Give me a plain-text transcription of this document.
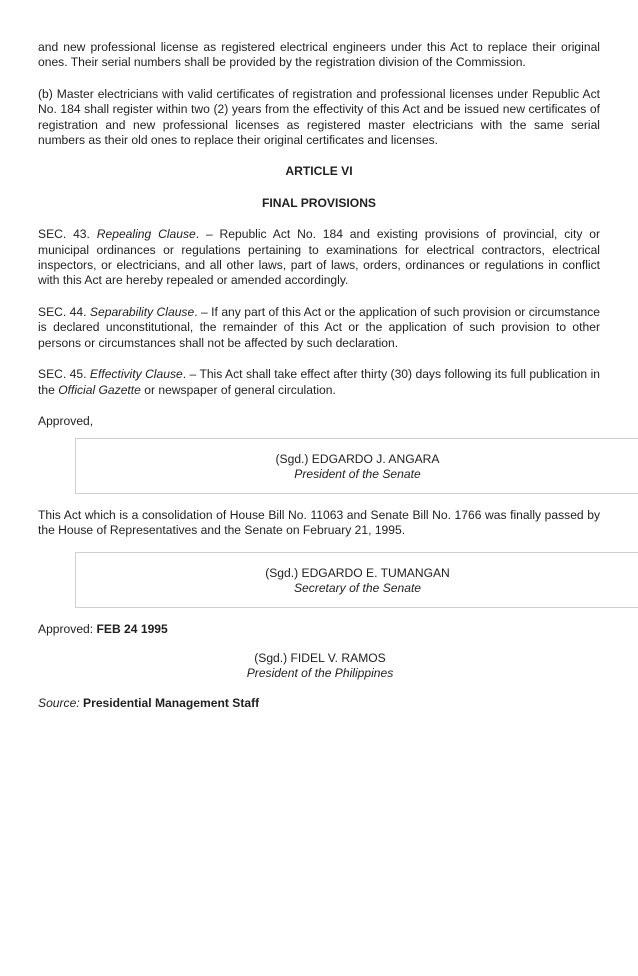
and new professional license as registered electrical engineers under this Act to replace their original ones. Their serial numbers shall be provided by the registration division of the Commission.

(b) Master electricians with valid certificates of registration and professional licenses under Republic Act No. 184 shall register within two (2) years from the effectivity of this Act and be issued new certificates of registration and new professional licenses as registered master electricians with the same serial numbers as their old ones to replace their original certificates and licenses.

ARTICLE VI

FINAL PROVISIONS

SEC. 43. Repealing Clause. – Republic Act No. 184 and existing provisions of provincial, city or municipal ordinances or regulations pertaining to examinations for electrical contractors, electrical inspectors, or electricians, and all other laws, part of laws, orders, ordinances or regulations in conflict with this Act are hereby repealed or amended accordingly.

SEC. 44. Separability Clause. – If any part of this Act or the application of such provision or circumstance is declared unconstitutional, the remainder of this Act or the application of such provision to other persons or circumstances shall not be affected by such declaration.

SEC. 45. Effectivity Clause. – This Act shall take effect after thirty (30) days following its full publication in the Official Gazette or newspaper of general circulation.

Approved,

(Sgd.) EDGARDO J. ANGARA
President of the Senate

This Act which is a consolidation of House Bill No. 11063 and Senate Bill No. 1766 was finally passed by the House of Representatives and the Senate on February 21, 1995.

(Sgd.) EDGARDO E. TUMANGAN
Secretary of the Senate

Approved: FEB 24 1995

(Sgd.) FIDEL V. RAMOS
President of the Philippines

Source: Presidential Management Staff
